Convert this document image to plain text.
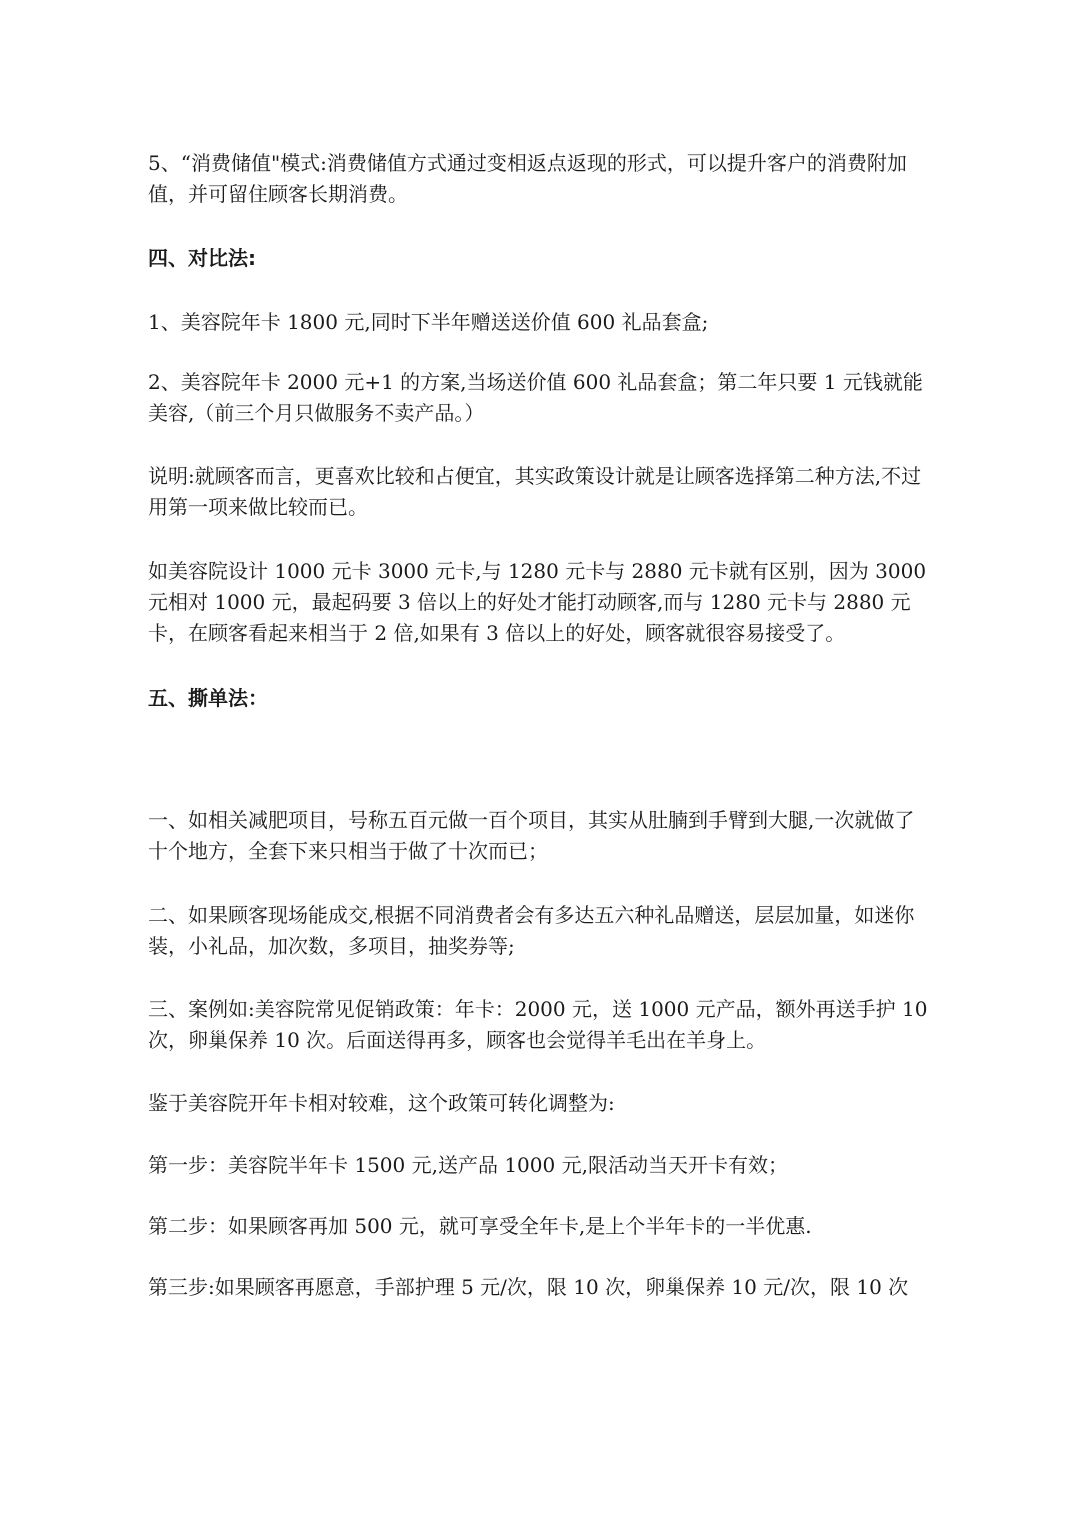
5、“消费储值"模式:消费储值方式通过变相返点返现的形式，可以提升客户的消费附加值，并可留住顾客长期消费。
四、对比法:
1、美容院年卡 1800 元,同时下半年赠送送价值 600 礼品套盒;
2、美容院年卡 2000 元+1 的方案,当场送价值 600 礼品套盒；第二年只要 1 元钱就能美容,（前三个月只做服务不卖产品。）
说明:就顾客而言，更喜欢比较和占便宜，其实政策设计就是让顾客选择第二种方法,不过用第一项来做比较而已。
如美容院设计 1000 元卡 3000 元卡,与 1280 元卡与 2880 元卡就有区别，因为 3000 元相对 1000 元，最起码要 3 倍以上的好处才能打动顾客,而与 1280 元卡与 2880 元卡，在顾客看起来相当于 2 倍,如果有 3 倍以上的好处，顾客就很容易接受了。
五、撕单法：
一、如相关减肥项目，号称五百元做一百个项目，其实从肚腩到手臂到大腿,一次就做了十个地方，全套下来只相当于做了十次而已；
二、如果顾客现场能成交,根据不同消费者会有多达五六种礼品赠送，层层加量，如迷你装，小礼品，加次数，多项目，抽奖券等;
三、案例如:美容院常见促销政策：年卡：2000 元，送 1000 元产品，额外再送手护 10 次，卵巢保养 10 次。后面送得再多，顾客也会觉得羊毛出在羊身上。
鉴于美容院开年卡相对较难，这个政策可转化调整为:
第一步：美容院半年卡 1500 元,送产品 1000 元,限活动当天开卡有效；
第二步：如果顾客再加 500 元，就可享受全年卡,是上个半年卡的一半优惠.
第三步:如果顾客再愿意，手部护理 5 元/次，限 10 次，卵巢保养 10 元/次，限 10 次
